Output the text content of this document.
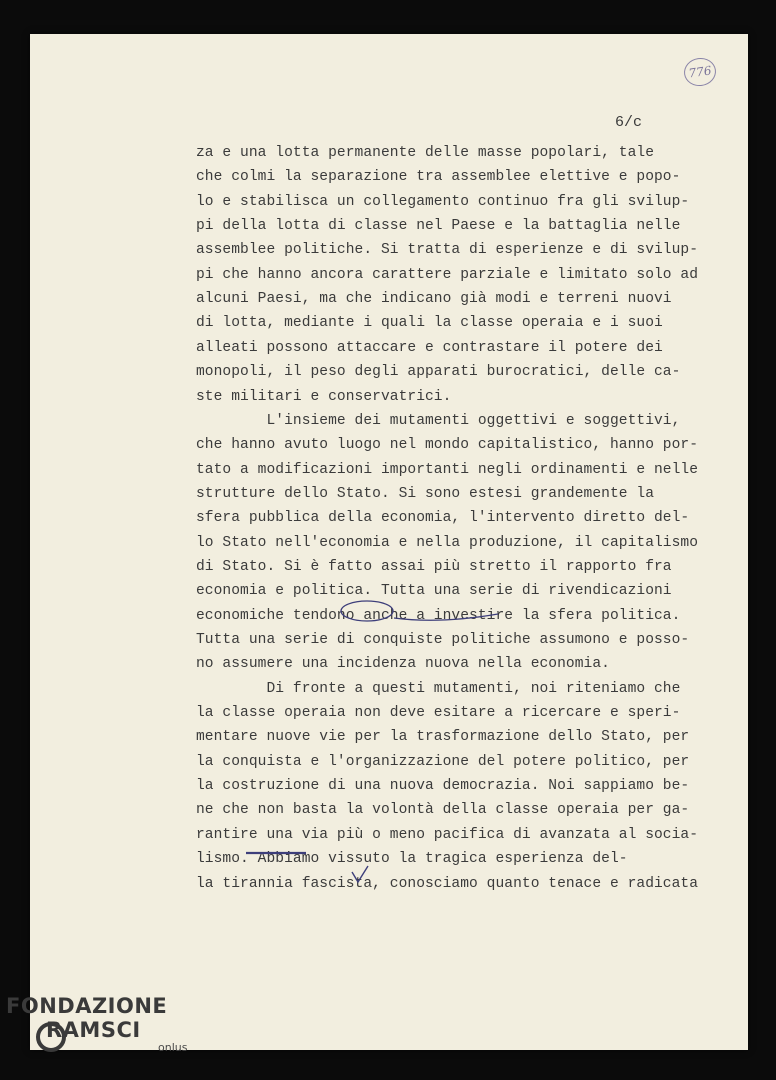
776
6/c
za e una lotta permanente delle masse popolari, tale
che colmi la separazione tra assemblee elettive e popo-
lo e stabilisca un collegamento continuo fra gli svilup-
pi della lotta di classe nel Paese e la battaglia nelle
assemblee politiche. Si tratta di esperienze e di svilup-
pi che hanno ancora carattere parziale e limitato solo ad
alcuni Paesi, ma che indicano già modi e terreni nuovi
di lotta, mediante i quali la classe operaia e i suoi
alleati possono attaccare e contrastare il potere dei
monopoli, il peso degli apparati burocratici, delle ca-
ste militari e conservatrici.
L'insieme dei mutamenti oggettivi e soggettivi,
che hanno avuto luogo nel mondo capitalistico, hanno por-
tato a modificazioni importanti negli ordinamenti e nelle
strutture dello Stato. Si sono estesi grandemente la
sfera pubblica della economia, l'intervento diretto del-
lo Stato nell'economia e nella produzione, il capitalismo
di Stato. Si è fatto assai più stretto il rapporto fra
economia e politica. Tutta una serie di rivendicazioni
economiche tendono anche a investire la sfera politica.
Tutta una serie di conquiste politiche assumono e posso-
no assumere una incidenza nuova nella economia.
Di fronte a questi mutamenti, noi riteniamo che
la classe operaia non deve esitare a ricercare e speri-
mentare nuove vie per la trasformazione dello Stato, per
la conquista e l'organizzazione del potere politico, per
la costruzione di una nuova democrazia. Noi sappiamo be-
ne che non basta la volontà della classe operaia per ga-
rantire una via più o meno pacifica di avanzata al socia-
lismo. Abbiamo vissuto la tragica esperienza del-
la tirannia fascista, conosciamo quanto tenace e radicata
FONDAZIONE
RAMSCI
onlus
